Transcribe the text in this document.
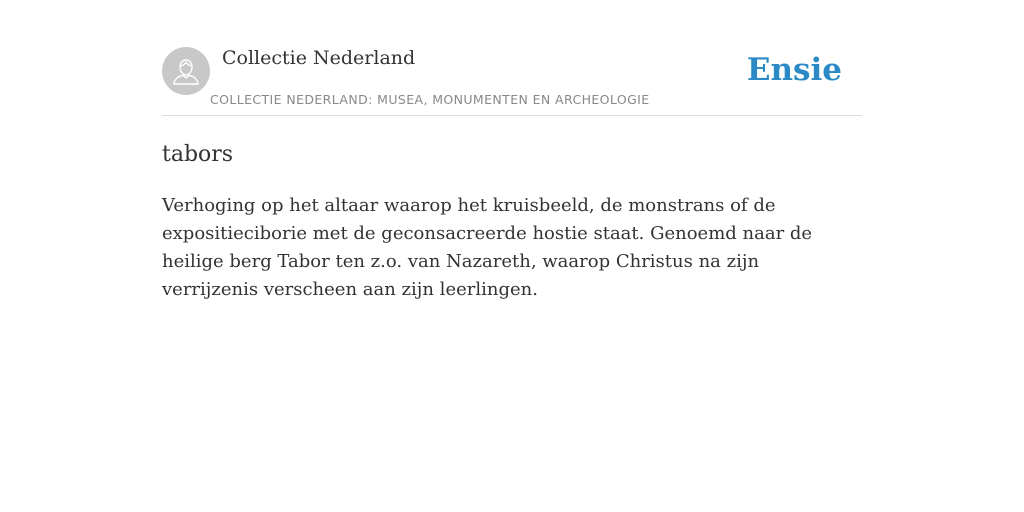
Collectie Nederland
COLLECTIE NEDERLAND: MUSEA, MONUMENTEN EN ARCHEOLOGIE
Ensie
tabors

Verhoging op het altaar waarop het kruisbeeld, de monstrans of de expositieciborie met de geconsacreerde hostie staat. Genoemd naar de heilige berg Tabor ten z.o. van Nazareth, waarop Christus na zijn verrijzenis verscheen aan zijn leerlingen.
